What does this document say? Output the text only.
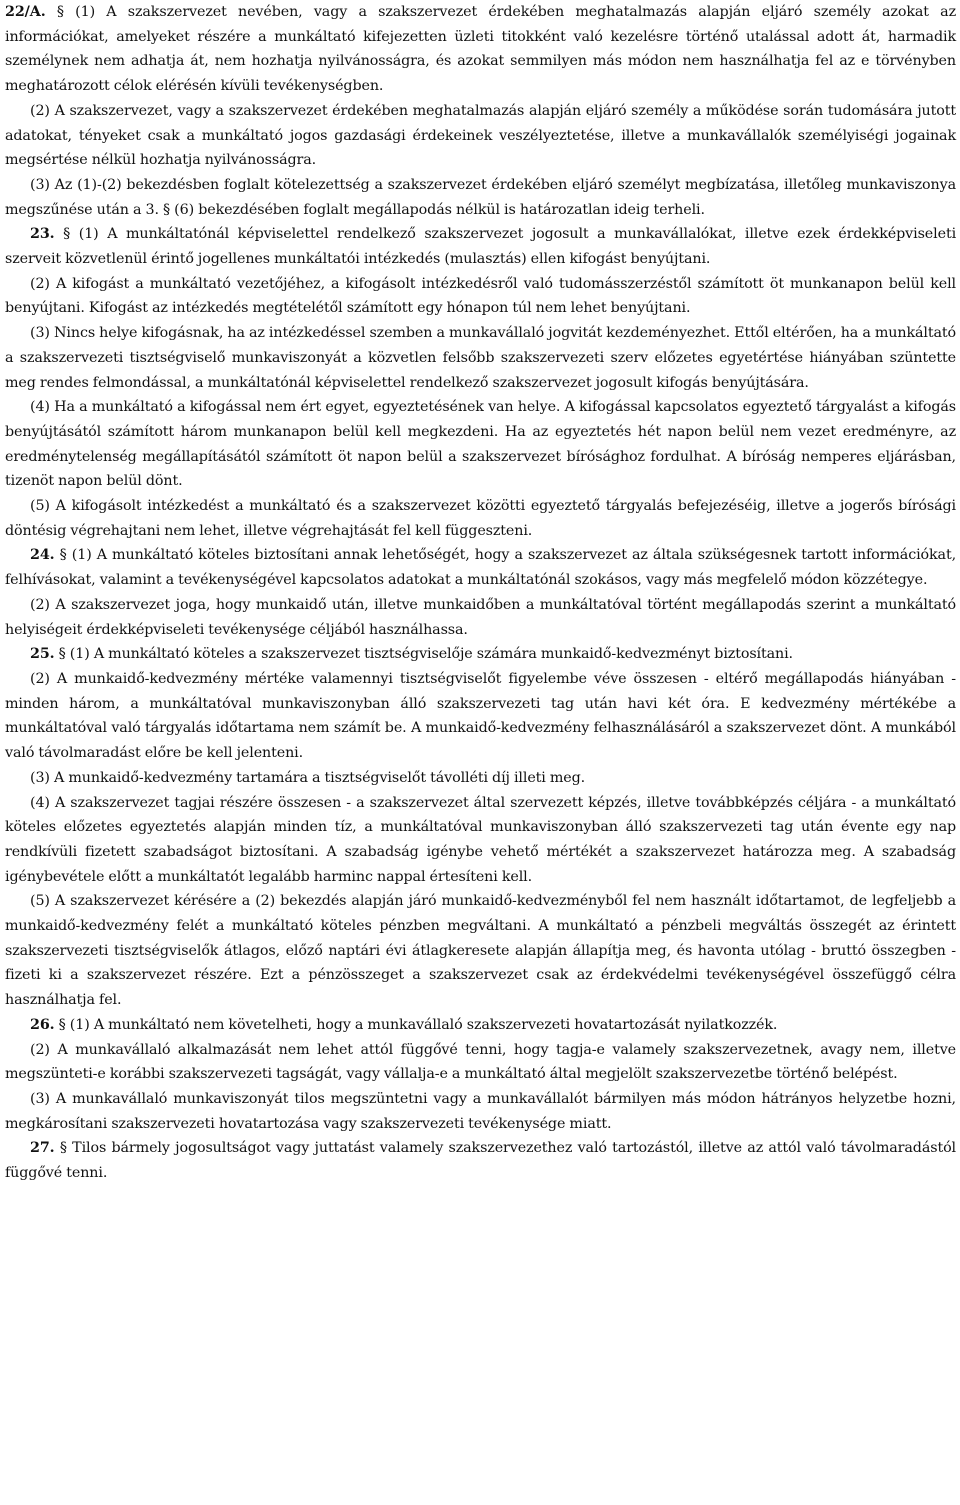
22/A. § (1) A szakszervezet nevében, vagy a szakszervezet érdekében meghatalmazás alapján eljáró személy azokat az információkat, amelyeket részére a munkáltató kifejezetten üzleti titokként való kezelésre történő utalással adott át, harmadik személynek nem adhatja át, nem hozhatja nyilvánosságra, és azokat semmilyen más módon nem használhatja fel az e törvényben meghatározott célok elérésén kívüli tevékenységben.

(2) A szakszervezet, vagy a szakszervezet érdekében meghatalmazás alapján eljáró személy a működése során tudomására jutott adatokat, tényeket csak a munkáltató jogos gazdasági érdekeinek veszélyeztetése, illetve a munkavállalók személyiségi jogainak megsértése nélkül hozhatja nyilvánosságra.

(3) Az (1)-(2) bekezdésben foglalt kötelezettség a szakszervezet érdekében eljáró személyt megbízatása, illetőleg munkaviszonya megszűnése után a 3. § (6) bekezdésében foglalt megállapodás nélkül is határozatlan ideig terheli.

23. § (1) A munkáltatónál képviselettel rendelkező szakszervezet jogosult a munkavállalókat, illetve ezek érdekképviseleti szerveit közvetlenül érintő jogellenes munkáltatói intézkedés (mulasztás) ellen kifogást benyújtani.

(2) A kifogást a munkáltató vezetőjéhez, a kifogásolt intézkedésről való tudomásszerzéstől számított öt munkanapon belül kell benyújtani. Kifogást az intézkedés megtételétől számított egy hónapon túl nem lehet benyújtani.

(3) Nincs helye kifogásnak, ha az intézkedéssel szemben a munkavállaló jogvitát kezdeményezhet. Ettől eltérően, ha a munkáltató a szakszervezeti tisztségviselő munkaviszonyát a közvetlen felsőbb szakszervezeti szerv előzetes egyetértése hiányában szüntette meg rendes felmondással, a munkáltatónál képviselettel rendelkező szakszervezet jogosult kifogás benyújtására.

(4) Ha a munkáltató a kifogással nem ért egyet, egyeztetésének van helye. A kifogással kapcsolatos egyeztető tárgyalást a kifogás benyújtásától számított három munkanapon belül kell megkezdeni. Ha az egyeztetés hét napon belül nem vezet eredményre, az eredménytelenség megállapításától számított öt napon belül a szakszervezet bírósághoz fordulhat. A bíróság nemperes eljárásban, tizenöt napon belül dönt.

(5) A kifogásolt intézkedést a munkáltató és a szakszervezet közötti egyeztető tárgyalás befejezéséig, illetve a jogerős bírósági döntésig végrehajtani nem lehet, illetve végrehajtását fel kell függeszteni.

24. § (1) A munkáltató köteles biztosítani annak lehetőségét, hogy a szakszervezet az általa szükségesnek tartott információkat, felhívásokat, valamint a tevékenységével kapcsolatos adatokat a munkáltatónál szokásos, vagy más megfelelő módon közzétegye.

(2) A szakszervezet joga, hogy munkaidő után, illetve munkaidőben a munkáltatóval történt megállapodás szerint a munkáltató helyiségeit érdekképviseleti tevékenysége céljából használhassa.

25. § (1) A munkáltató köteles a szakszervezet tisztségviselője számára munkaidő-kedvezményt biztosítani.

(2) A munkaidő-kedvezmény mértéke valamennyi tisztségviselőt figyelembe véve összesen - eltérő megállapodás hiányában - minden három, a munkáltatóval munkaviszonyban álló szakszervezeti tag után havi két óra. E kedvezmény mértékébe a munkáltatóval való tárgyalás időtartama nem számít be. A munkaidő-kedvezmény felhasználásáról a szakszervezet dönt. A munkából való távolmaradást előre be kell jelenteni.

(3) A munkaidő-kedvezmény tartamára a tisztségviselőt távolléti díj illeti meg.

(4) A szakszervezet tagjai részére összesen - a szakszervezet által szervezett képzés, illetve továbbképzés céljára - a munkáltató köteles előzetes egyeztetés alapján minden tíz, a munkáltatóval munkaviszonyban álló szakszervezeti tag után évente egy nap rendkívüli fizetett szabadságot biztosítani. A szabadság igénybe vehető mértékét a szakszervezet határozza meg. A szabadság igénybevétele előtt a munkáltatót legalább harminc nappal értesíteni kell.

(5) A szakszervezet kérésére a (2) bekezdés alapján járó munkaidő-kedvezményből fel nem használt időtartamot, de legfeljebb a munkaidő-kedvezmény felét a munkáltató köteles pénzben megváltani. A munkáltató a pénzbeli megváltás összegét az érintett szakszervezeti tisztségviselők átlagos, előző naptári évi átlagkeresete alapján állapítja meg, és havonta utólag - bruttó összegben - fizeti ki a szakszervezet részére. Ezt a pénzösszeget a szakszervezet csak az érdekvédelmi tevékenységével összefüggő célra használhatja fel.

26. § (1) A munkáltató nem követelheti, hogy a munkavállaló szakszervezeti hovatartozását nyilatkozzék.

(2) A munkavállaló alkalmazását nem lehet attól függővé tenni, hogy tagja-e valamely szakszervezetnek, avagy nem, illetve megszünteti-e korábbi szakszervezeti tagságát, vagy vállalja-e a munkáltató által megjelölt szakszervezetbe történő belépést.

(3) A munkavállaló munkaviszonyát tilos megszüntetni vagy a munkavállalót bármilyen más módon hátrányos helyzetbe hozni, megkárosítani szakszervezeti hovatartozása vagy szakszervezeti tevékenysége miatt.

27. § Tilos bármely jogosultságot vagy juttatást valamely szakszervezethez való tartozástól, illetve az attól való távolmaradástól függővé tenni.
